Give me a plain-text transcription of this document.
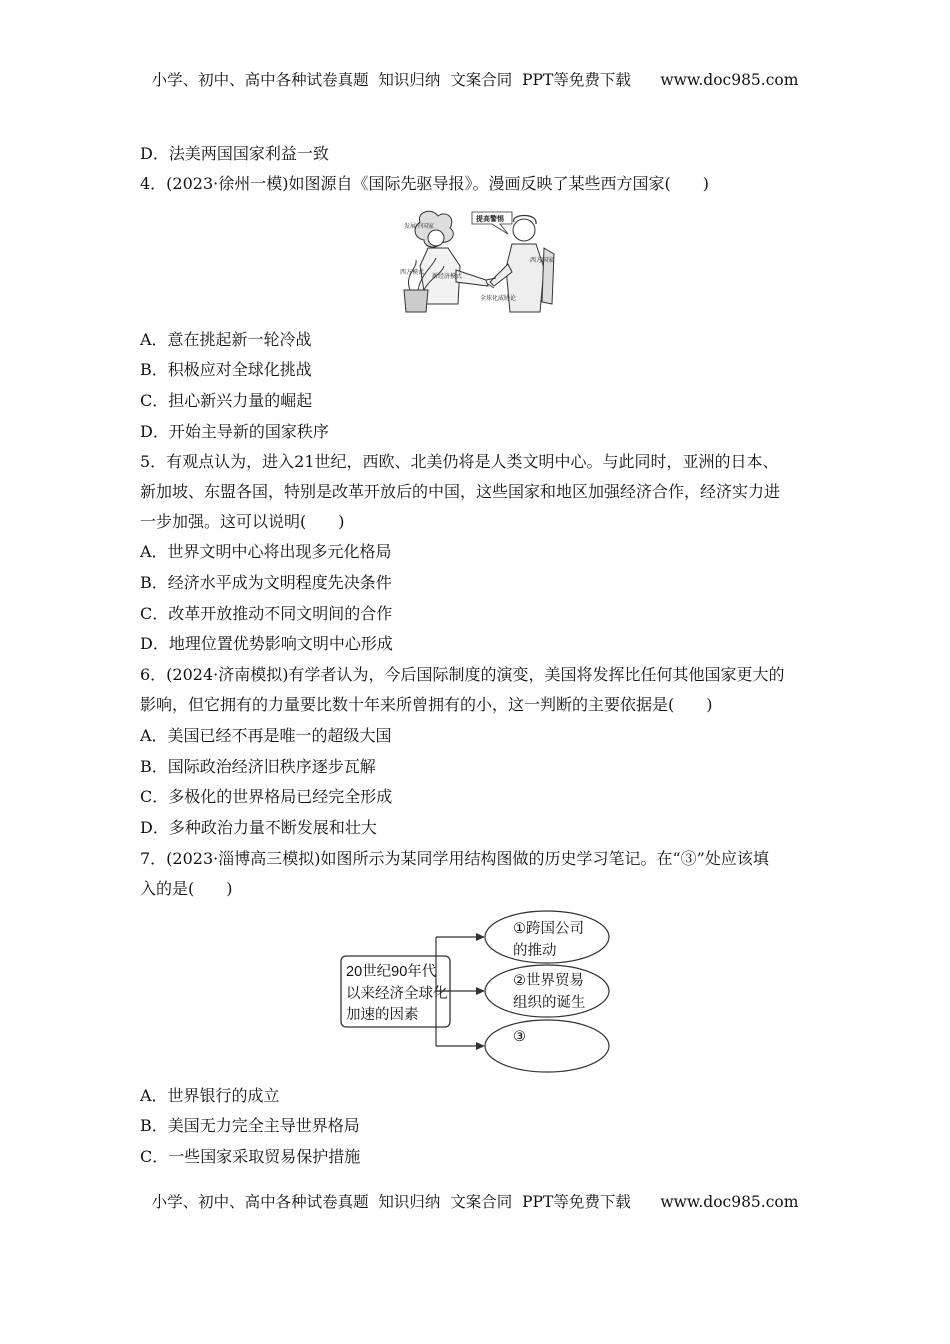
小学、初中、高中各种试卷真题  知识归纳  文案合同  PPT等免费下载      www.doc985.com
D．法美两国国家利益一致
4．(2023·徐州一模)如图源自《国际先驱导报》。漫画反映了某些西方国家(　　)
提高警惕
发展中国家
西方模式
新经济模式
全球化威胁论
西方国家
A．意在挑起新一轮冷战
B．积极应对全球化挑战
C．担心新兴力量的崛起
D．开始主导新的国家秩序
5．有观点认为，进入21世纪，西欧、北美仍将是人类文明中心。与此同时，亚洲的日本、
新加坡、东盟各国，特别是改革开放后的中国，这些国家和地区加强经济合作，经济实力进
一步加强。这可以说明(　　)
A．世界文明中心将出现多元化格局
B．经济水平成为文明程度先决条件
C．改革开放推动不同文明间的合作
D．地理位置优势影响文明中心形成
6．(2024·济南模拟)有学者认为，今后国际制度的演变，美国将发挥比任何其他国家更大的
影响，但它拥有的力量要比数十年来所曾拥有的小，这一判断的主要依据是(　　)
A．美国已经不再是唯一的超级大国
B．国际政治经济旧秩序逐步瓦解
C．多极化的世界格局已经完全形成
D．多种政治力量不断发展和壮大
7．(2023·淄博高三模拟)如图所示为某同学用结构图做的历史学习笔记。在“③”处应该填
入的是(　　)
20世纪90年代
以来经济全球化
加速的因素
①跨国公司
的推动
②世界贸易
组织的诞生
③
A．世界银行的成立
B．美国无力完全主导世界格局
C．一些国家采取贸易保护措施
小学、初中、高中各种试卷真题  知识归纳  文案合同  PPT等免费下载      www.doc985.com
